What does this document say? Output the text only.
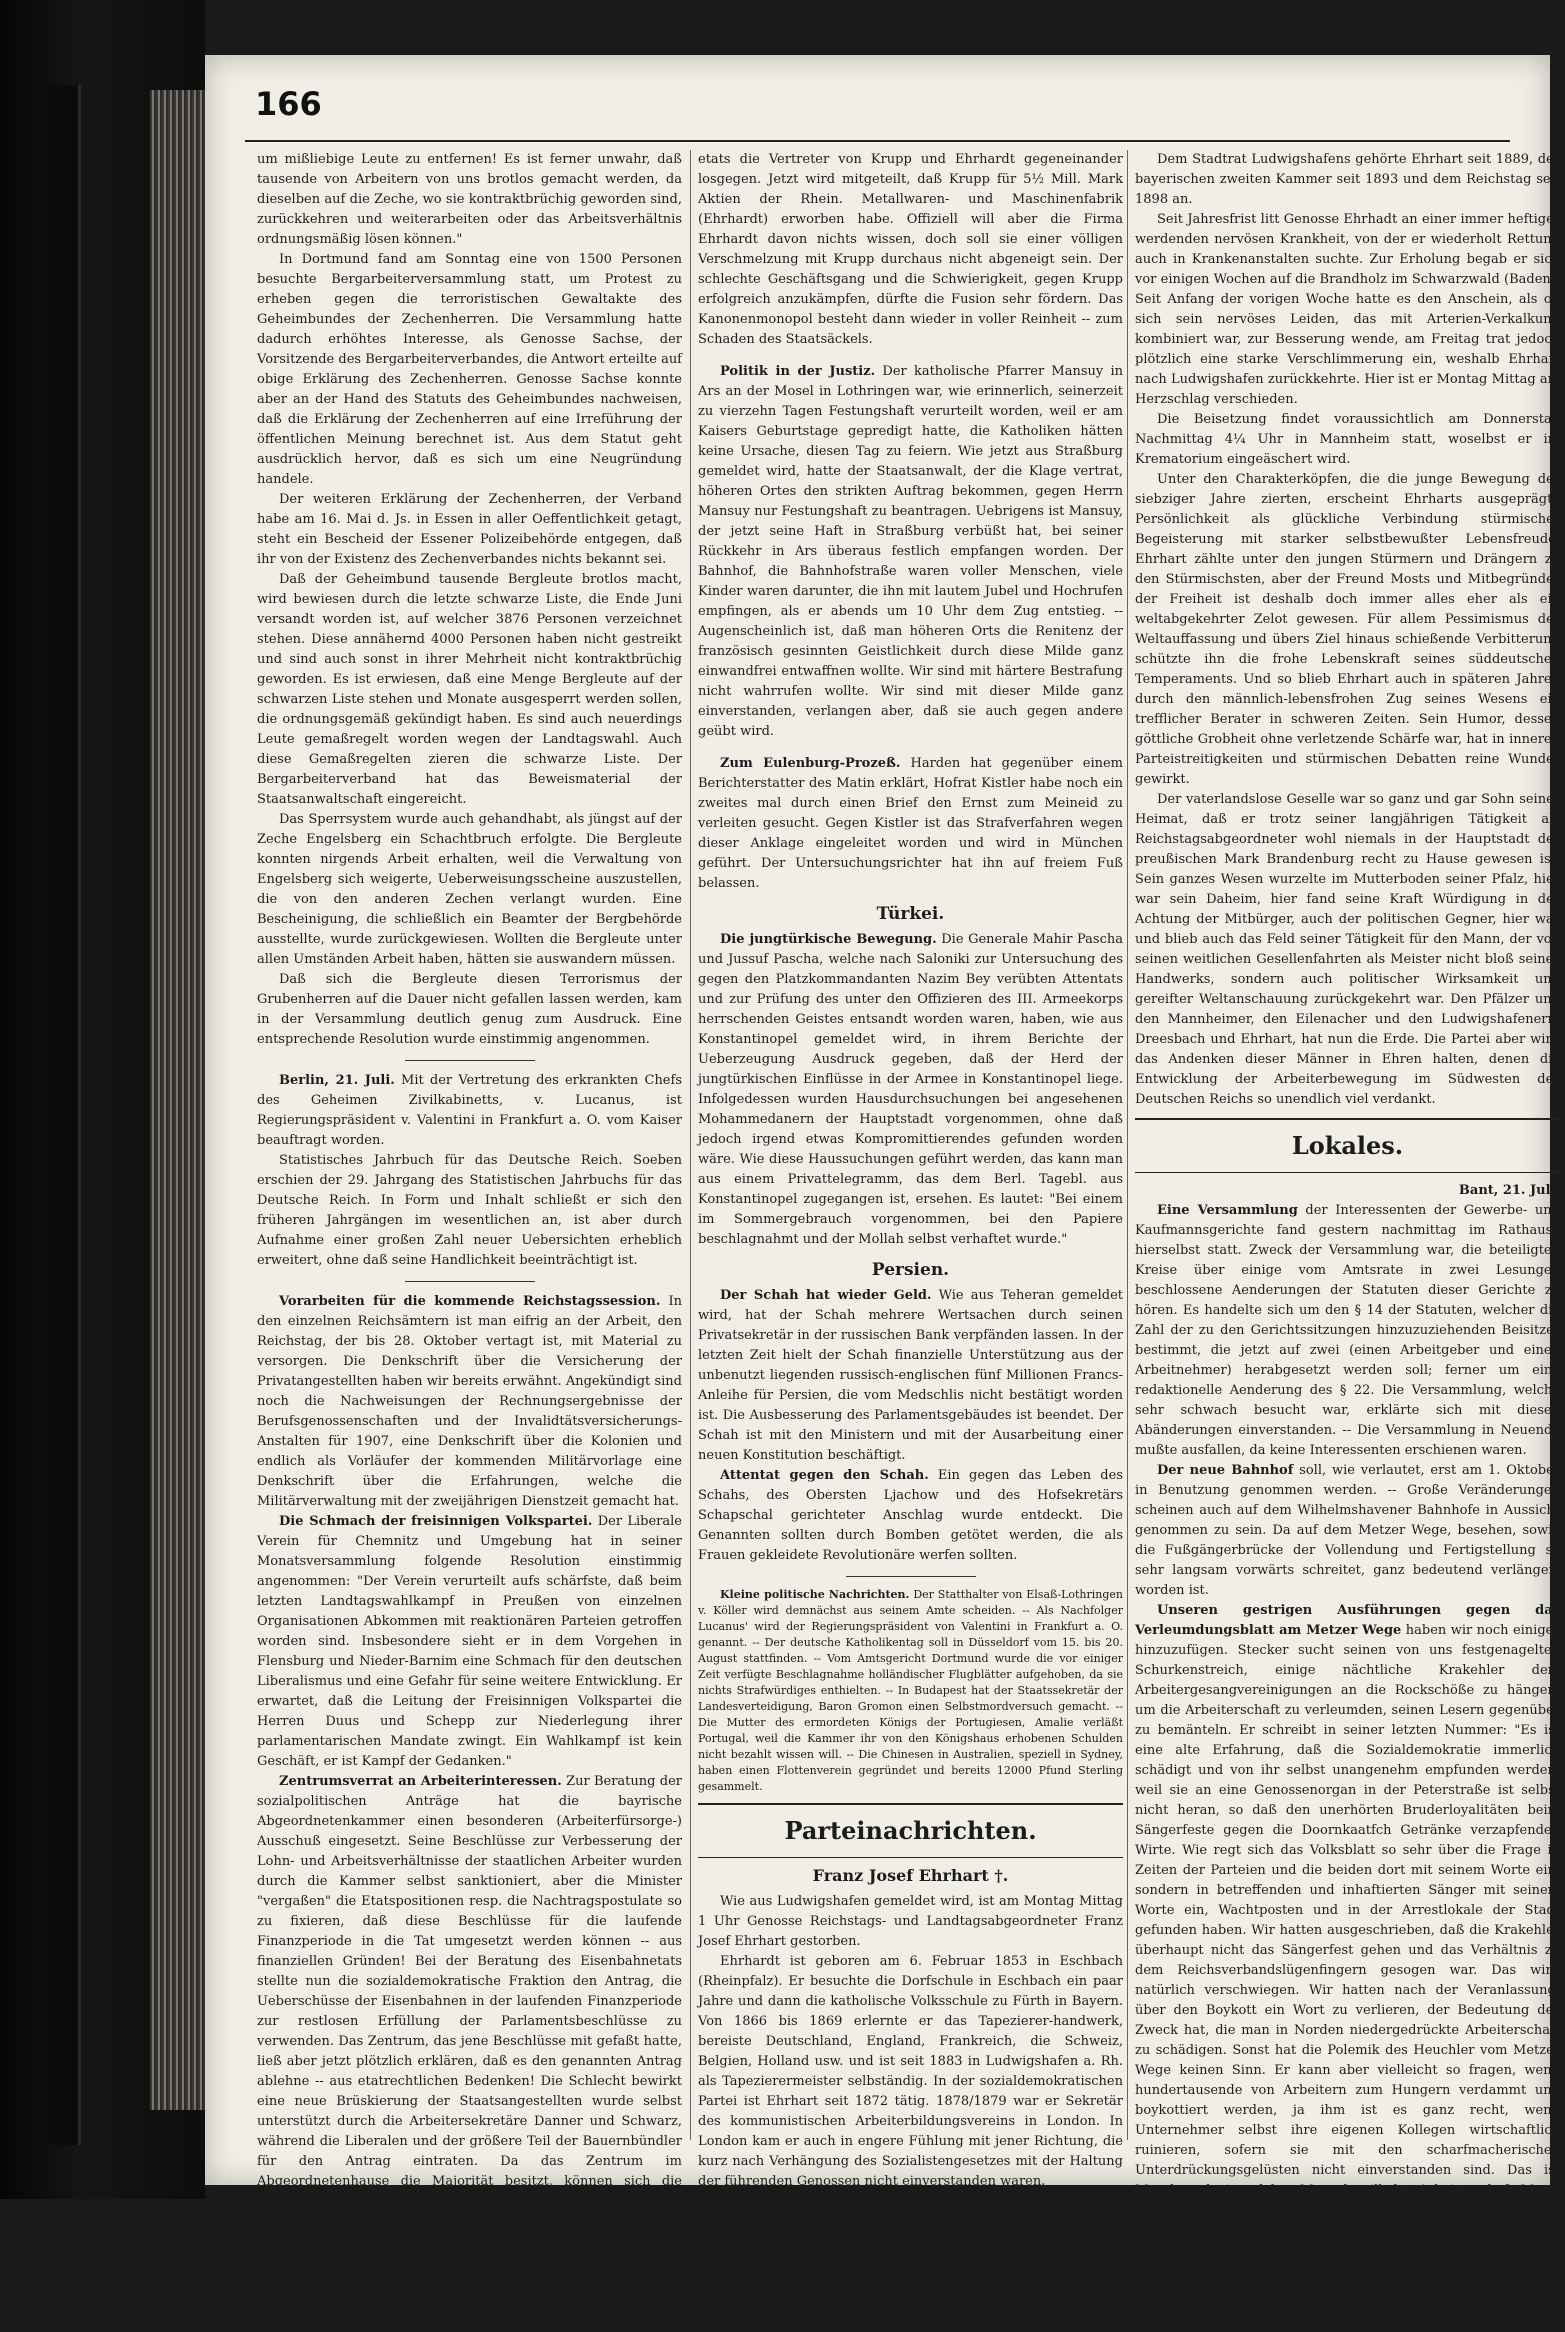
166

um mißliebige Leute zu entfernen! Es ist ferner unwahr, daß tausende von Arbeitern von uns brotlos gemacht werden, da dieselben auf die Zeche, wo sie kontraktbrüchig geworden sind, zurückkehren und weiterarbeiten oder das Arbeitsverhältnis ordnungsmäßig lösen können."

In Dortmund fand am Sonntag eine von 1500 Personen besuchte Bergarbeiterversammlung statt, um Protest zu erheben gegen die terroristischen Gewaltakte des Geheimbundes der Zechenherren. Die Versammlung hatte dadurch erhöhtes Interesse, als Genosse Sachse, der Vorsitzende des Bergarbeiterverbandes, die Antwort erteilte auf obige Erklärung des Zechenherren. Genosse Sachse konnte aber an der Hand des Statuts des Geheimbundes nachweisen, daß die Erklärung der Zechenherren auf eine Irreführung der öffentlichen Meinung berechnet ist. Aus dem Statut geht ausdrücklich hervor, daß es sich um eine Neugründung handele.

Der weiteren Erklärung der Zechenherren, der Verband habe am 16. Mai d. Js. in Essen in aller Oeffentlichkeit getagt, steht ein Bescheid der Essener Polizeibehörde entgegen, daß ihr von der Existenz des Zechenverbandes nichts bekannt sei.

Daß der Geheimbund tausende Bergleute brotlos macht, wird bewiesen durch die letzte schwarze Liste, die Ende Juni versandt worden ist, auf welcher 3876 Personen verzeichnet stehen. Diese annähernd 4000 Personen haben nicht gestreikt und sind auch sonst in ihrer Mehrheit nicht kontraktbrüchig geworden. Es ist erwiesen, daß eine Menge Bergleute auf der schwarzen Liste stehen und Monate ausgesperrt werden sollen, die ordnungsgemäß gekündigt haben. Es sind auch neuerdings Leute gemaßregelt worden wegen der Landtagswahl. Auch diese Gemaßregelten zieren die schwarze Liste. Der Bergarbeiterverband hat das Beweismaterial der Staatsanwaltschaft eingereicht.

Das Sperrsystem wurde auch gehandhabt, als jüngst auf der Zeche Engelsberg ein Schachtbruch erfolgte. Die Bergleute konnten nirgends Arbeit erhalten, weil die Verwaltung von Engelsberg sich weigerte, Ueberweisungsscheine auszustellen, die von den anderen Zechen verlangt wurden. Eine Bescheinigung, die schließlich ein Beamter der Bergbehörde ausstellte, wurde zurückgewiesen. Wollten die Bergleute unter allen Umständen Arbeit haben, hätten sie auswandern müssen.

Daß sich die Bergleute diesen Terrorismus der Grubenherren auf die Dauer nicht gefallen lassen werden, kam in der Versammlung deutlich genug zum Ausdruck. Eine entsprechende Resolution wurde einstimmig angenommen.

Berlin, 21. Juli. Mit der Vertretung des erkrankten Chefs des Geheimen Zivilkabinetts, v. Lucanus, ist Regierungspräsident v. Valentini in Frankfurt a. O. vom Kaiser beauftragt worden.

Statistisches Jahrbuch für das Deutsche Reich. Soeben erschien der 29. Jahrgang des Statistischen Jahrbuchs für das Deutsche Reich. In Form und Inhalt schließt er sich den früheren Jahrgängen im wesentlichen an, ist aber durch Aufnahme einer großen Zahl neuer Uebersichten erheblich erweitert, ohne daß seine Handlichkeit beeinträchtigt ist.

Vorarbeiten für die kommende Reichstagssession. In den einzelnen Reichsämtern ist man eifrig an der Arbeit, den Reichstag, der bis 28. Oktober vertagt ist, mit Material zu versorgen. Die Denkschrift über die Versicherung der Privatangestellten haben wir bereits erwähnt. Angekündigt sind noch die Nachweisungen der Rechnungsergebnisse der Berufsgenossenschaften und der Invalidtätsversicherungs-Anstalten für 1907, eine Denkschrift über die Kolonien und endlich als Vorläufer der kommenden Militärvorlage eine Denkschrift über die Erfahrungen, welche die Militärverwaltung mit der zweijährigen Dienstzeit gemacht hat.

Die Schmach der freisinnigen Volkspartei. Der Liberale Verein für Chemnitz und Umgebung hat in seiner Monatsversammlung folgende Resolution einstimmig angenommen: "Der Verein verurteilt aufs schärfste, daß beim letzten Landtagswahlkampf in Preußen von einzelnen Organisationen Abkommen mit reaktionären Parteien getroffen worden sind. Insbesondere sieht er in dem Vorgehen in Flensburg und Nieder-Barnim eine Schmach für den deutschen Liberalismus und eine Gefahr für seine weitere Entwicklung. Er erwartet, daß die Leitung der Freisinnigen Volkspartei die Herren Duus und Schepp zur Niederlegung ihrer parlamentarischen Mandate zwingt. Ein Wahlkampf ist kein Geschäft, er ist Kampf der Gedanken."

Zentrumsverrat an Arbeiterinteressen. Zur Beratung der sozialpolitischen Anträge hat die bayrische Abgeordnetenkammer einen besonderen (Arbeiterfürsorge-) Ausschuß eingesetzt. Seine Beschlüsse zur Verbesserung der Lohn- und Arbeitsverhältnisse der staatlichen Arbeiter wurden durch die Kammer selbst sanktioniert, aber die Minister "vergaßen" die Etatspositionen resp. die Nachtragspostulate so zu fixieren, daß diese Beschlüsse für die laufende Finanzperiode in die Tat umgesetzt werden können -- aus finanziellen Gründen! Bei der Beratung des Eisenbahnetats stellte nun die sozialdemokratische Fraktion den Antrag, die Ueberschüsse der Eisenbahnen in der laufenden Finanzperiode zur restlosen Erfüllung der Parlamentsbeschlüsse zu verwenden. Das Zentrum, das jene Beschlüsse mit gefaßt hatte, ließ aber jetzt plötzlich erklären, daß es den genannten Antrag ablehne -- aus etatrechtlichen Bedenken! Die Schlecht bewirkt eine neue Brüskierung der Staatsangestellten wurde selbst unterstützt durch die Arbeitersekretäre Danner und Schwarz, während die Liberalen und der größere Teil der Bauernbündler für den Antrag eintraten. Da das Zentrum im Abgeordnetenhause die Majorität besitzt, können sich die bayrischen Eisenbahner für diesen Verrat bedanken, der die dringend notwendige Hebung ihrer materiellen Lage abschnürt.

"Fusion Krupp-Ehrhardt." Der Konkurrenzkampf zwischen den beiden Kanonenlieferanten Krupp und Ehrhardt in Düsseldorf ist bekanntlich, schlug er doch oft genug seine Wellen bis in den Reichstag, wo bei Beratung des Militär-

etats die Vertreter von Krupp und Ehrhardt gegeneinander losgegen. Jetzt wird mitgeteilt, daß Krupp für 5½ Mill. Mark Aktien der Rhein. Metallwaren- und Maschinenfabrik (Ehrhardt) erworben habe. Offiziell will aber die Firma Ehrhardt davon nichts wissen, doch soll sie einer völligen Verschmelzung mit Krupp durchaus nicht abgeneigt sein. Der schlechte Geschäftsgang und die Schwierigkeit, gegen Krupp erfolgreich anzukämpfen, dürfte die Fusion sehr fördern. Das Kanonenmonopol besteht dann wieder in voller Reinheit -- zum Schaden des Staatsäckels.

Politik in der Justiz. Der katholische Pfarrer Mansuy in Ars an der Mosel in Lothringen war, wie erinnerlich, seinerzeit zu vierzehn Tagen Festungshaft verurteilt worden, weil er am Kaisers Geburtstage gepredigt hatte, die Katholiken hätten keine Ursache, diesen Tag zu feiern. Wie jetzt aus Straßburg gemeldet wird, hatte der Staatsanwalt, der die Klage vertrat, höheren Ortes den strikten Auftrag bekommen, gegen Herrn Mansuy nur Festungshaft zu beantragen. Uebrigens ist Mansuy, der jetzt seine Haft in Straßburg verbüßt hat, bei seiner Rückkehr in Ars überaus festlich empfangen worden. Der Bahnhof, die Bahnhofstraße waren voller Menschen, viele Kinder waren darunter, die ihn mit lautem Jubel und Hochrufen empfingen, als er abends um 10 Uhr dem Zug entstieg. -- Augenscheinlich ist, daß man höheren Orts die Renitenz der französisch gesinnten Geistlichkeit durch diese Milde ganz einwandfrei entwaffnen wollte. Wir sind mit härtere Bestrafung nicht wahrrufen wollte. Wir sind mit dieser Milde ganz einverstanden, verlangen aber, daß sie auch gegen andere geübt wird.

Zum Eulenburg-Prozeß. Harden hat gegenüber einem Berichterstatter des Matin erklärt, Hofrat Kistler habe noch ein zweites mal durch einen Brief den Ernst zum Meineid zu verleiten gesucht. Gegen Kistler ist das Strafverfahren wegen dieser Anklage eingeleitet worden und wird in München geführt. Der Untersuchungsrichter hat ihn auf freiem Fuß belassen.

Türkei.

Die jungtürkische Bewegung. Die Generale Mahir Pascha und Jussuf Pascha, welche nach Saloniki zur Untersuchung des gegen den Platzkommandanten Nazim Bey verübten Attentats und zur Prüfung des unter den Offizieren des III. Armeekorps herrschenden Geistes entsandt worden waren, haben, wie aus Konstantinopel gemeldet wird, in ihrem Berichte der Ueberzeugung Ausdruck gegeben, daß der Herd der jungtürkischen Einflüsse in der Armee in Konstantinopel liege. Infolgedessen wurden Hausdurchsuchungen bei angesehenen Mohammedanern der Hauptstadt vorgenommen, ohne daß jedoch irgend etwas Kompromittierendes gefunden worden wäre. Wie diese Haussuchungen geführt werden, das kann man aus einem Privattelegramm, das dem Berl. Tagebl. aus Konstantinopel zugegangen ist, ersehen. Es lautet: "Bei einem im Sommergebrauch vorgenommen, bei den Papiere beschlagnahmt und der Mollah selbst verhaftet wurde."

Persien.

Der Schah hat wieder Geld. Wie aus Teheran gemeldet wird, hat der Schah mehrere Wertsachen durch seinen Privatsekretär in der russischen Bank verpfänden lassen. In der letzten Zeit hielt der Schah finanzielle Unterstützung aus der unbenutzt liegenden russisch-englischen fünf Millionen Francs-Anleihe für Persien, die vom Medschlis nicht bestätigt worden ist. Die Ausbesserung des Parlamentsgebäudes ist beendet. Der Schah ist mit den Ministern und mit der Ausarbeitung einer neuen Konstitution beschäftigt.

Attentat gegen den Schah. Ein gegen das Leben des Schahs, des Obersten Ljachow und des Hofsekretärs Schapschal gerichteter Anschlag wurde entdeckt. Die Genannten sollten durch Bomben getötet werden, die als Frauen gekleidete Revolutionäre werfen sollten.

Kleine politische Nachrichten. Der Statthalter von Elsaß-Lothringen v. Köller wird demnächst aus seinem Amte scheiden. -- Als Nachfolger Lucanus' wird der Regierungspräsident von Valentini in Frankfurt a. O. genannt. -- Der deutsche Katholikentag soll in Düsseldorf vom 15. bis 20. August stattfinden. -- Vom Amtsgericht Dortmund wurde die vor einiger Zeit verfügte Beschlagnahme holländischer Flugblätter aufgehoben, da sie nichts Strafwürdiges enthielten. -- In Budapest hat der Staatssekretär der Landesverteidigung, Baron Gromon einen Selbstmordversuch gemacht. -- Die Mutter des ermordeten Königs der Portugiesen, Amalie verläßt Portugal, weil die Kammer ihr von den Königshaus erhobenen Schulden nicht bezahlt wissen will. -- Die Chinesen in Australien, speziell in Sydney, haben einen Flottenverein gegründet und bereits 12000 Pfund Sterling gesammelt.

Parteinachrichten.
Franz Josef Ehrhart †.

Wie aus Ludwigshafen gemeldet wird, ist am Montag Mittag 1 Uhr Genosse Reichstags- und Landtagsabgeordneter Franz Josef Ehrhart gestorben.

Ehrhardt ist geboren am 6. Februar 1853 in Eschbach (Rheinpfalz). Er besuchte die Dorfschule in Eschbach ein paar Jahre und dann die katholische Volksschule zu Fürth in Bayern. Von 1866 bis 1869 erlernte er das Tapezierer-handwerk, bereiste Deutschland, England, Frankreich, die Schweiz, Belgien, Holland usw. und ist seit 1883 in Ludwigshafen a. Rh. als Tapezierermeister selbständig. In der sozialdemokratischen Partei ist Ehrhart seit 1872 tätig. 1878/1879 war er Sekretär des kommunistischen Arbeiterbildungsvereins in London. In London kam er auch in engere Fühlung mit jener Richtung, die kurz nach Verhängung des Sozialistengesetzes mit der Haltung der führenden Genossen nicht einverstanden waren.

Genosse Ehrhart hat auf wenigen Parteitagen gefehlt, er war schon mit in Kopenhagen, fast auf allen Parteitagen anwesend. Seit 1899 war er Mitglied der Kontrollkommission und blieb in diesem Ehrenamte bis zu seinem Tode.

Dem Stadtrat Ludwigshafens gehörte Ehrhart seit 1889, der bayerischen zweiten Kammer seit 1893 und dem Reichstag seit 1898 an.

Seit Jahresfrist litt Genosse Ehrhadt an einer immer heftiger werdenden nervösen Krankheit, von der er wiederholt Rettung auch in Krankenanstalten suchte. Zur Erholung begab er sich vor einigen Wochen auf die Brandholz im Schwarzwald (Baden). Seit Anfang der vorigen Woche hatte es den Anschein, als ob sich sein nervöses Leiden, das mit Arterien-Verkalkung kombiniert war, zur Besserung wende, am Freitag trat jedoch plötzlich eine starke Verschlimmerung ein, weshalb Ehrhart nach Ludwigshafen zurückkehrte. Hier ist er Montag Mittag am Herzschlag verschieden.

Die Beisetzung findet voraussichtlich am Donnerstag Nachmittag 4¼ Uhr in Mannheim statt, woselbst er im Krematorium eingeäschert wird.

Unter den Charakterköpfen, die die junge Bewegung der siebziger Jahre zierten, erscheint Ehrharts ausgeprägte Persönlichkeit als glückliche Verbindung stürmischer Begeisterung mit starker selbstbewußter Lebensfreude. Ehrhart zählte unter den jungen Stürmern und Drängern zu den Stürmischsten, aber der Freund Mosts und Mitbegründer der Freiheit ist deshalb doch immer alles eher als ein weltabgekehrter Zelot gewesen. Für allem Pessimismus der Weltauffassung und übers Ziel hinaus schießende Verbitterung schützte ihn die frohe Lebenskraft seines süddeutschen Temperaments. Und so blieb Ehrhart auch in späteren Jahren durch den männlich-lebensfrohen Zug seines Wesens ein trefflicher Berater in schweren Zeiten. Sein Humor, dessen göttliche Grobheit ohne verletzende Schärfe war, hat in inneren Parteistreitigkeiten und stürmischen Debatten reine Wunder gewirkt.

Der vaterlandslose Geselle war so ganz und gar Sohn seiner Heimat, daß er trotz seiner langjährigen Tätigkeit als Reichstagsabgeordneter wohl niemals in der Hauptstadt der preußischen Mark Brandenburg recht zu Hause gewesen ist. Sein ganzes Wesen wurzelte im Mutterboden seiner Pfalz, hier war sein Daheim, hier fand seine Kraft Würdigung in der Achtung der Mitbürger, auch der politischen Gegner, hier war und blieb auch das Feld seiner Tätigkeit für den Mann, der von seinen weitlichen Gesellenfahrten als Meister nicht bloß seines Handwerks, sondern auch politischer Wirksamkeit und gereifter Weltanschauung zurückgekehrt war. Den Pfälzer und den Mannheimer, den Eilenacher und den Ludwigshafenern, Dreesbach und Ehrhart, hat nun die Erde. Die Partei aber wird das Andenken dieser Männer in Ehren halten, denen die Entwicklung der Arbeiterbewegung im Südwesten des Deutschen Reichs so unendlich viel verdankt.

Lokales.
Bant, 21. Juli.

Eine Versammlung der Interessenten der Gewerbe- und Kaufmannsgerichte fand gestern nachmittag im Rathause hierselbst statt. Zweck der Versammlung war, die beteiligten Kreise über einige vom Amtsrate in zwei Lesungen beschlossene Aenderungen der Statuten dieser Gerichte zu hören. Es handelte sich um den § 14 der Statuten, welcher die Zahl der zu den Gerichtssitzungen hinzuzuziehenden Beisitzer bestimmt, die jetzt auf zwei (einen Arbeitgeber und einen Arbeitnehmer) herabgesetzt werden soll; ferner um eine redaktionelle Aenderung des § 22. Die Versammlung, welche sehr schwach besucht war, erklärte sich mit diesen Abänderungen einverstanden. -- Die Versammlung in Neuende mußte ausfallen, da keine Interessenten erschienen waren.

Der neue Bahnhof soll, wie verlautet, erst am 1. Oktober in Benutzung genommen werden. -- Große Veränderungen scheinen auch auf dem Wilhelmshavener Bahnhofe in Aussicht genommen zu sein. Da auf dem Metzer Wege, besehen, sowie die Fußgängerbrücke der Vollendung und Fertigstellung so sehr langsam vorwärts schreitet, ganz bedeutend verlängert worden ist.

Unseren gestrigen Ausführungen gegen das Verleumdungsblatt am Metzer Wege haben wir noch einiges hinzuzufügen. Stecker sucht seinen von uns festgenagelten Schurkenstreich, einige nächtliche Krakehler dem Arbeitergesangvereinigungen an die Rockschöße zu hängen, um die Arbeiterschaft zu verleumden, seinen Lesern gegenüber zu bemänteln. Er schreibt in seiner letzten Nummer: "Es ist eine alte Erfahrung, daß die Sozialdemokratie immerlich schädigt und von ihr selbst unangenehm empfunden werden, weil sie an eine Genossenorgan in der Peterstraße ist selbst nicht heran, so daß den unerhörten Bruderloyalitäten beim Sängerfeste gegen die Doornkaatfch Getränke verzapfenden Wirte. Wie regt sich das Volksblatt so sehr über die Frage in Zeiten der Parteien und die beiden dort mit seinem Worte ein, sondern in betreffenden und inhaftierten Sänger mit seinem Worte ein, Wachtposten und in der Arrestlokale der Stadt gefunden haben. Wir hatten ausgeschrieben, daß die Krakehler überhaupt nicht das Sängerfest gehen und das Verhältnis zu dem Reichsverbandslügenfingern gesogen war. Das wird natürlich verschwiegen. Wir hatten nach der Veranlassung, über den Boykott ein Wort zu verlieren, der Bedeutung des Zweck hat, die man in Norden niedergedrückte Arbeiterschaft zu schädigen. Sonst hat die Polemik des Heuchler vom Metzer Wege keinen Sinn. Er kann aber vielleicht so fragen, wenn hundertausende von Arbeitern zum Hungern verdammt und boykottiert werden, ja ihm ist es ganz recht, wenn Unternehmer selbst ihre eigenen Kollegen wirtschaftlich ruinieren, sofern sie mit den scharfmacherischen Unterdrückungsgelüsten nicht einverstanden sind. Das ist Moral, und ein solcher Mensch will der Arbeiterschaft Moral lehren!

Der Streit um das Colosseum stand wieder einmal vor Gericht. Kaufmann Johann Peper und Mandatar Pundsack standen vor der Ferienstrafkammer, weil ersterer als hauptbeteiligter Hypothekengläubiger bis seinerzeit im Zwangsverkauf befindliche Colosseum zum Teil
